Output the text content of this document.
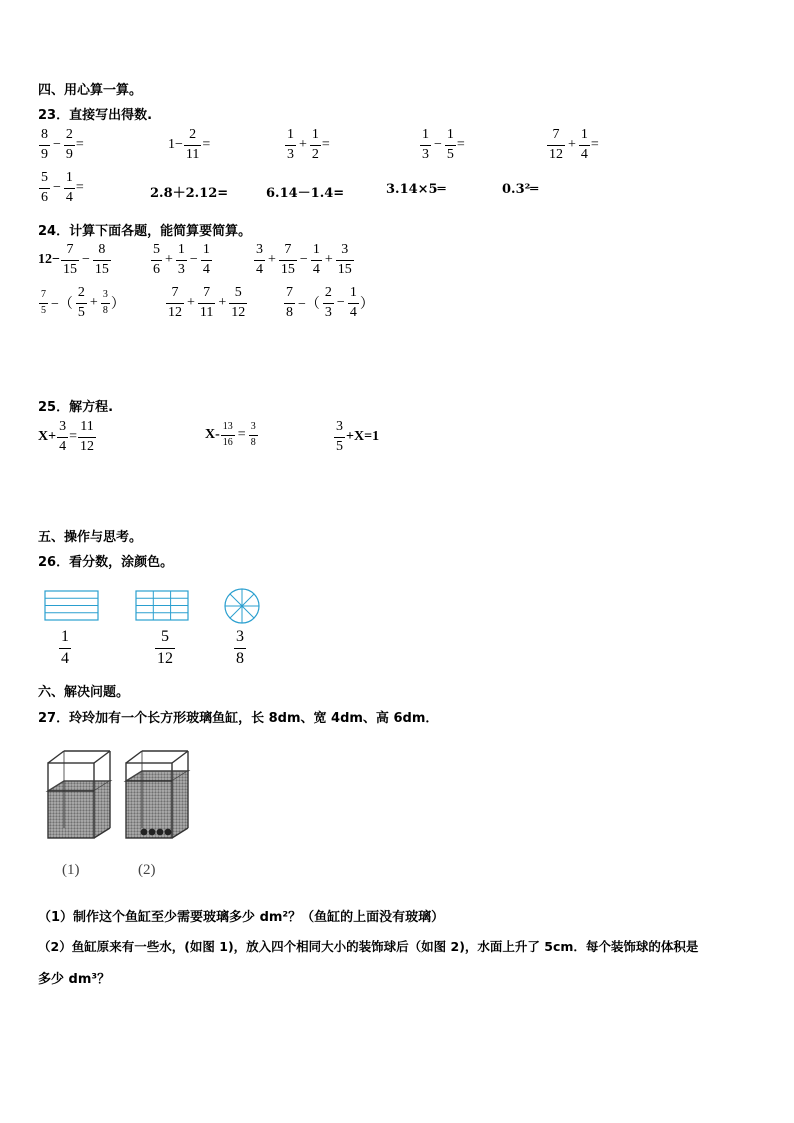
四、用心算一算。
23．直接写出得数.
$\frac{8}{9} - \frac{2}{9}$ =	$1- \frac{2}{11}$ =	$\frac{1}{3} + \frac{1}{2}$ =	$\frac{1}{3} - \frac{1}{5}$ =	$\frac{7}{12} + \frac{1}{4}$ =
$\frac{5}{6} - \frac{1}{4}$ =	2.8＋2.12=	6.14－1.4=	3.14×5═	0.3²═
24．计算下面各题，能简算要简算。
$12- \frac{7}{15} - \frac{8}{15}$	$\frac{5}{6} + \frac{1}{3} - \frac{1}{4}$	$\frac{3}{4} + \frac{7}{15} - \frac{1}{4} + \frac{3}{15}$
$\frac{7}{5}$ −（ $\frac{2}{5} + \frac{3}{8}$ ）	$\frac{7}{12} + \frac{7}{11} + \frac{5}{12}$	$\frac{7}{8}$ −（ $\frac{2}{3} - \frac{1}{4}$ ）
25．解方程.
$X+ \frac{3}{4} = \frac{11}{12}$	$X- \frac{13}{16} = \frac{3}{8}$	$\frac{3}{5} +X=1$
五、操作与思考。
26．看分数，涂颜色。
$\frac{1}{4}$	$\frac{5}{12}$	$\frac{3}{8}$
六、解决问题。
27．玲玲加有一个长方形玻璃鱼缸，长 8dm、宽 4dm、高 6dm．
(1)	(2)
（1）制作这个鱼缸至少需要玻璃多少 dm²？（鱼缸的上面没有玻璃）
（2）鱼缸原来有一些水，(如图 1)，放入四个相同大小的装饰球后（如图 2)，水面上升了 5cm．每个装饰球的体积是
多少 dm³？
